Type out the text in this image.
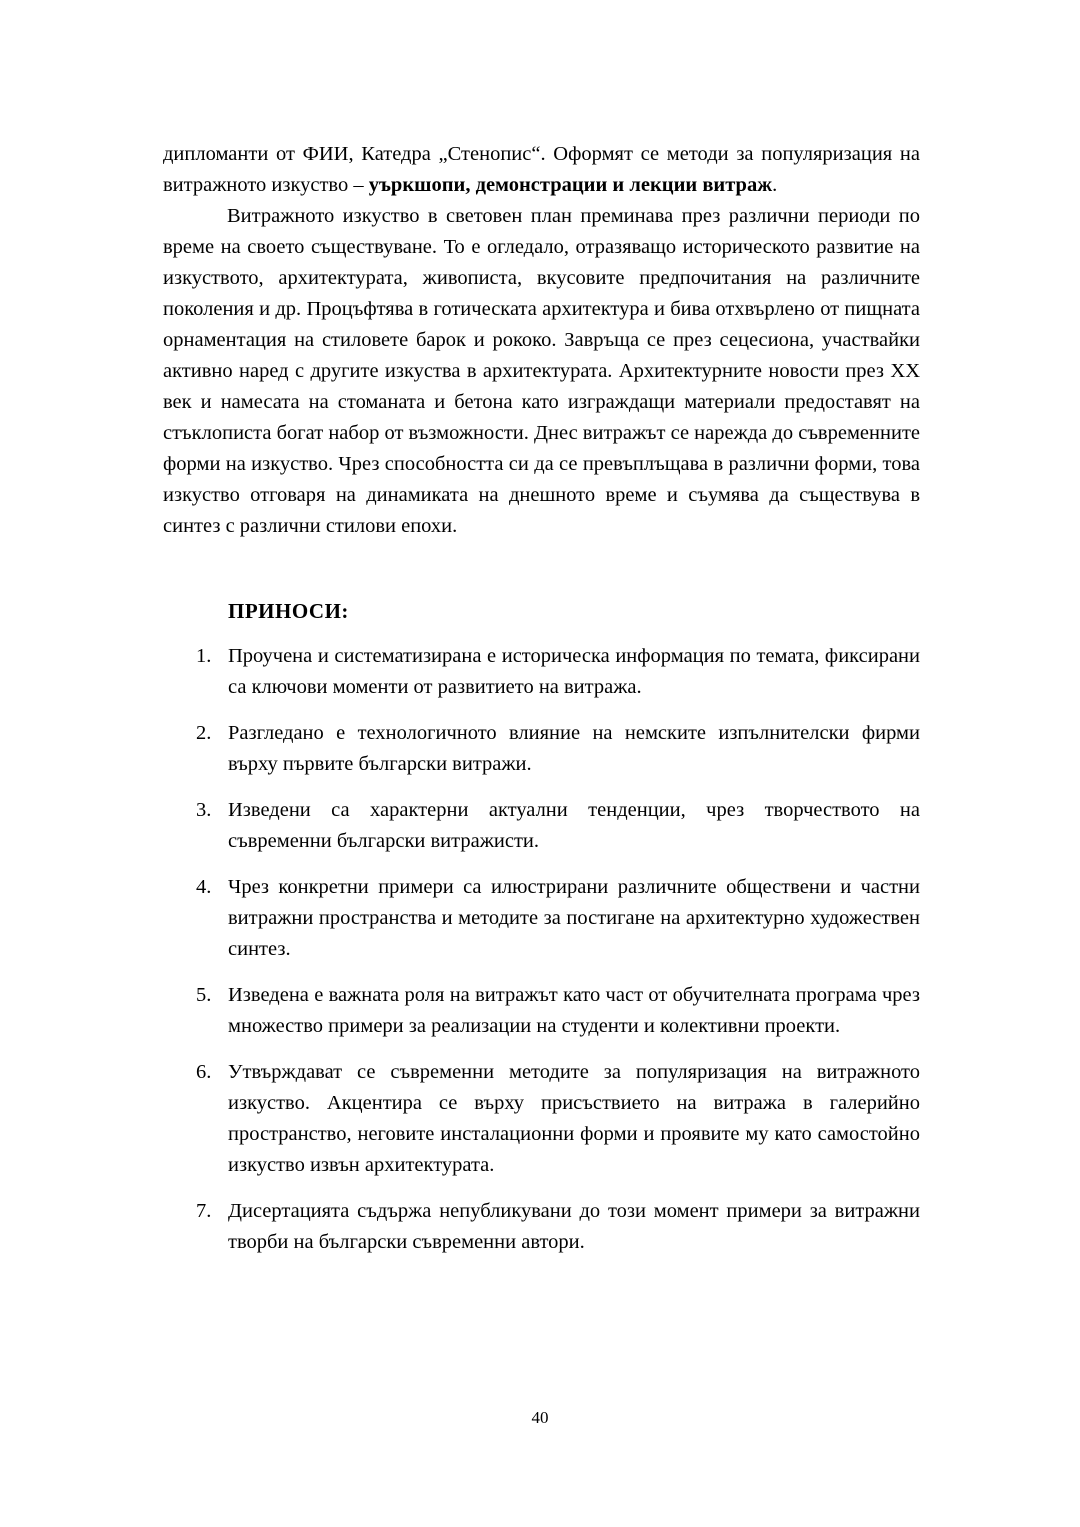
дипломанти от ФИИ, Катедра „Стенопис“. Оформят се методи за популяризация на витражното изкуство – уъркшопи, демонстрации и лекции витраж.

Витражното изкуство в световен план преминава през различни периоди по време на своето съществуване. То е огледало, отразяващо историческото развитие на изкуството, архитектурата, живописта, вкусовите предпочитания на различните поколения и др. Процъфтява в готическата архитектура и бива отхвърлено от пищната орнаментация на стиловете барок и рококо. Завръща се през сецесиона, участвайки активно наред с другите изкуства в архитектурата. Архитектурните новости през ХХ век и намесата на стоманата и бетона като изграждащи материали предоставят на стъклописта богат набор от възможности. Днес витражът се нарежда до съвременните форми на изкуство. Чрез способността си да се превъплъщава в различни форми, това изкуство отговаря на динамиката на днешното време и съумява да съществува в синтез с различни стилови епохи.

ПРИНОСИ:
1. Проучена и систематизирана е историческа информация по темата, фиксирани са ключови моменти от развитието на витража.
2. Разгледано е технологичното влияние на немските изпълнителски фирми върху първите български витражи.
3. Изведени са характерни актуални тенденции, чрез творчеството на съвременни български витражисти.
4. Чрез конкретни примери са илюстрирани различните обществени и частни витражни пространства и методите за постигане на архитектурно художествен синтез.
5. Изведена е важната роля на витражът като част от обучителната програма чрез множество примери за реализации на студенти и колективни проекти.
6. Утвърждават се съвременни методите за популяризация на витражното изкуство. Акцентира се върху присъствието на витража в галерийно пространство, неговите инсталационни форми и проявите му като самостойно изкуство извън архитектурата.
7. Дисертацията съдържа непубликувани до този момент примери за витражни творби на български съвременни автори.
40
